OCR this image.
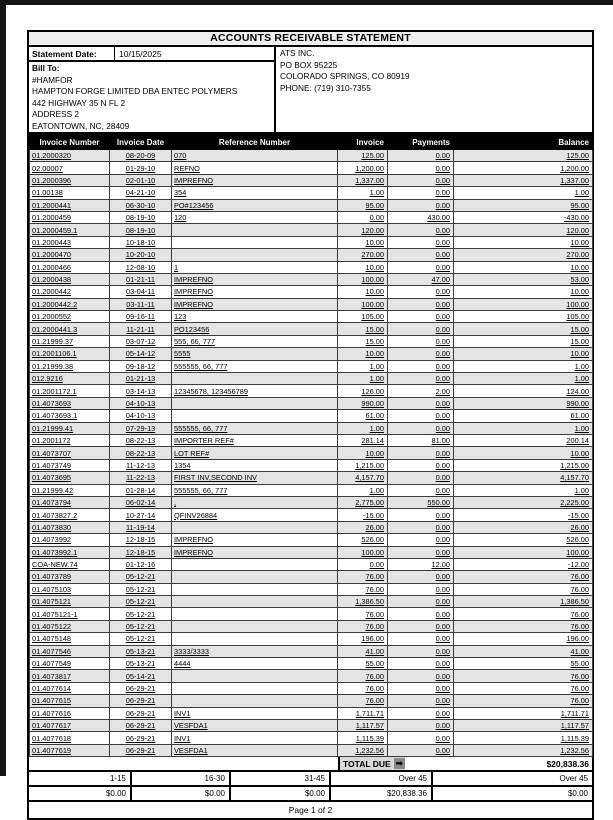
ACCOUNTS RECEIVABLE STATEMENT
Statement Date:	10/15/2025
Bill To:
#HAMFOR
HAMPTON FORGE LIMITED DBA ENTEC POLYMERS
442 HIGHWAY 35 N FL 2
ADDRESS 2
EATONTOWN, NC, 28409
ATS INC.
PO BOX 95225
COLORADO SPRINGS, CO 80919
PHONE: (719) 310-7355
Invoice Number	Invoice Date	Reference Number	Invoice	Payments	Balance
01.2000320	08-20-09	070	125.00	0.00	125.00
02.00007	01-29-10	REFNO	1,200.00	0.00	1,200.00
01.2000396	02-01-10	IMPREFNO	1,337.00	0.00	1,337.00
01.00138	04-21-10	354	1.00	0.00	1.00
01.2000441	06-30-10	PO#123456	95.00	0.00	95.00
01.2000459	08-19-10	120	0.00	430.00	-430.00
01.2000459.1	08-19-10		120.00	0.00	120.00
01.2000443	10-18-10		10.00	0.00	10.00
01.2000470	10-20-10		270.00	0.00	270.00
01.2000466	12-08-10	1	10.00	0.00	10.00
01.2000438	01-21-11	IMPREFNO	100.00	47.00	53.00
01.2000442	03-04-11	IMPREFNO	10.00	0.00	10.00
01.2000442.2	03-11-11	IMPREFNO	100.00	0.00	100.00
01.2000552	09-16-11	123	105.00	0.00	105.00
01.2000441.3	11-21-11	PO123456	15.00	0.00	15.00
01.21999.37	03-07-12	555, 66, 777	15.00	0.00	15.00
01.2001106.1	05-14-12	5555	10.00	0.00	10.00
01.21999.38	09-18-12	555555, 66, 777	1.00	0.00	1.00
012.9216	01-21-13		1.00	0.00	1.00
01.2001172.1	03-14-13	12345678, 123456789	126.00	2.00	124.00
01.4073693	04-10-13		990.00	0.00	990.00
01.4073693.1	04-10-13		61.00	0.00	61.00
01.21999.41	07-29-13	555555, 66, 777	1.00	0.00	1.00
01.2001172	08-22-13	IMPORTER REF#	281.14	81.00	200.14
01.4073707	08-22-13	LOT REF#	10.00	0.00	10.00
01.4073749	11-12-13	1354	1,215.00	0.00	1,215.00
01.4073695	11-22-13	FIRST INV,SECOND INV	4,157.70	0.00	4,157.70
01.21999.42	01-28-14	555555, 66, 777	1.00	0.00	1.00
01.4073794	06-02-14	,	2,775.00	550.00	2,225.00
01.4073827.2	10-27-14	QFINV26884	-15.00	0.00	-15.00
01.4073830	11-19-14		26.00	0.00	26.00
01.4073992	12-18-15	IMPREFNO	526.00	0.00	526.00
01.4073992.1	12-18-15	IMPREFNO	100.00	0.00	100.00
COA-NEW.74	01-12-16		0.00	12.00	-12.00
01.4073789	05-12-21		76.00	0.00	76.00
01.4075103	05-12-21		76.00	0.00	76.00
01.4075121	05-12-21		1,386.50	0.00	1,386.50
01.4075121-1	05-12-21		76.00	0.00	76.00
01.4075122	05-12-21		76.00	0.00	76.00
01.4075148	05-12-21		196.00	0.00	196.00
01.4077546	05-13-21	3333/3333	41.00	0.00	41.00
01.4077549	05-13-21	4444	55.00	0.00	55.00
01.4073817	05-14-21		76.00	0.00	76.00
01.4077614	06-29-21		76.00	0.00	76.00
01.4077615	06-29-21		76.00	0.00	76.00
01.4077616	06-29-21	INV1	1,711.71	0.00	1,711.71
01.4077617	06-29-21	VESFDA1	1,117.57	0.00	1,117.57
01.4077618	06-29-21	INV1	1,115.39	0.00	1,115.39
01.4077619	06-29-21	VESFDA1	1,232.56	0.00	1,232.56
TOTAL DUE ➡	$20,838.36
1-15	16-30	31-45	Over 45	Over 45
$0.00	$0.00	$0.00	$20,838.36	$0.00
Page 1 of 2
